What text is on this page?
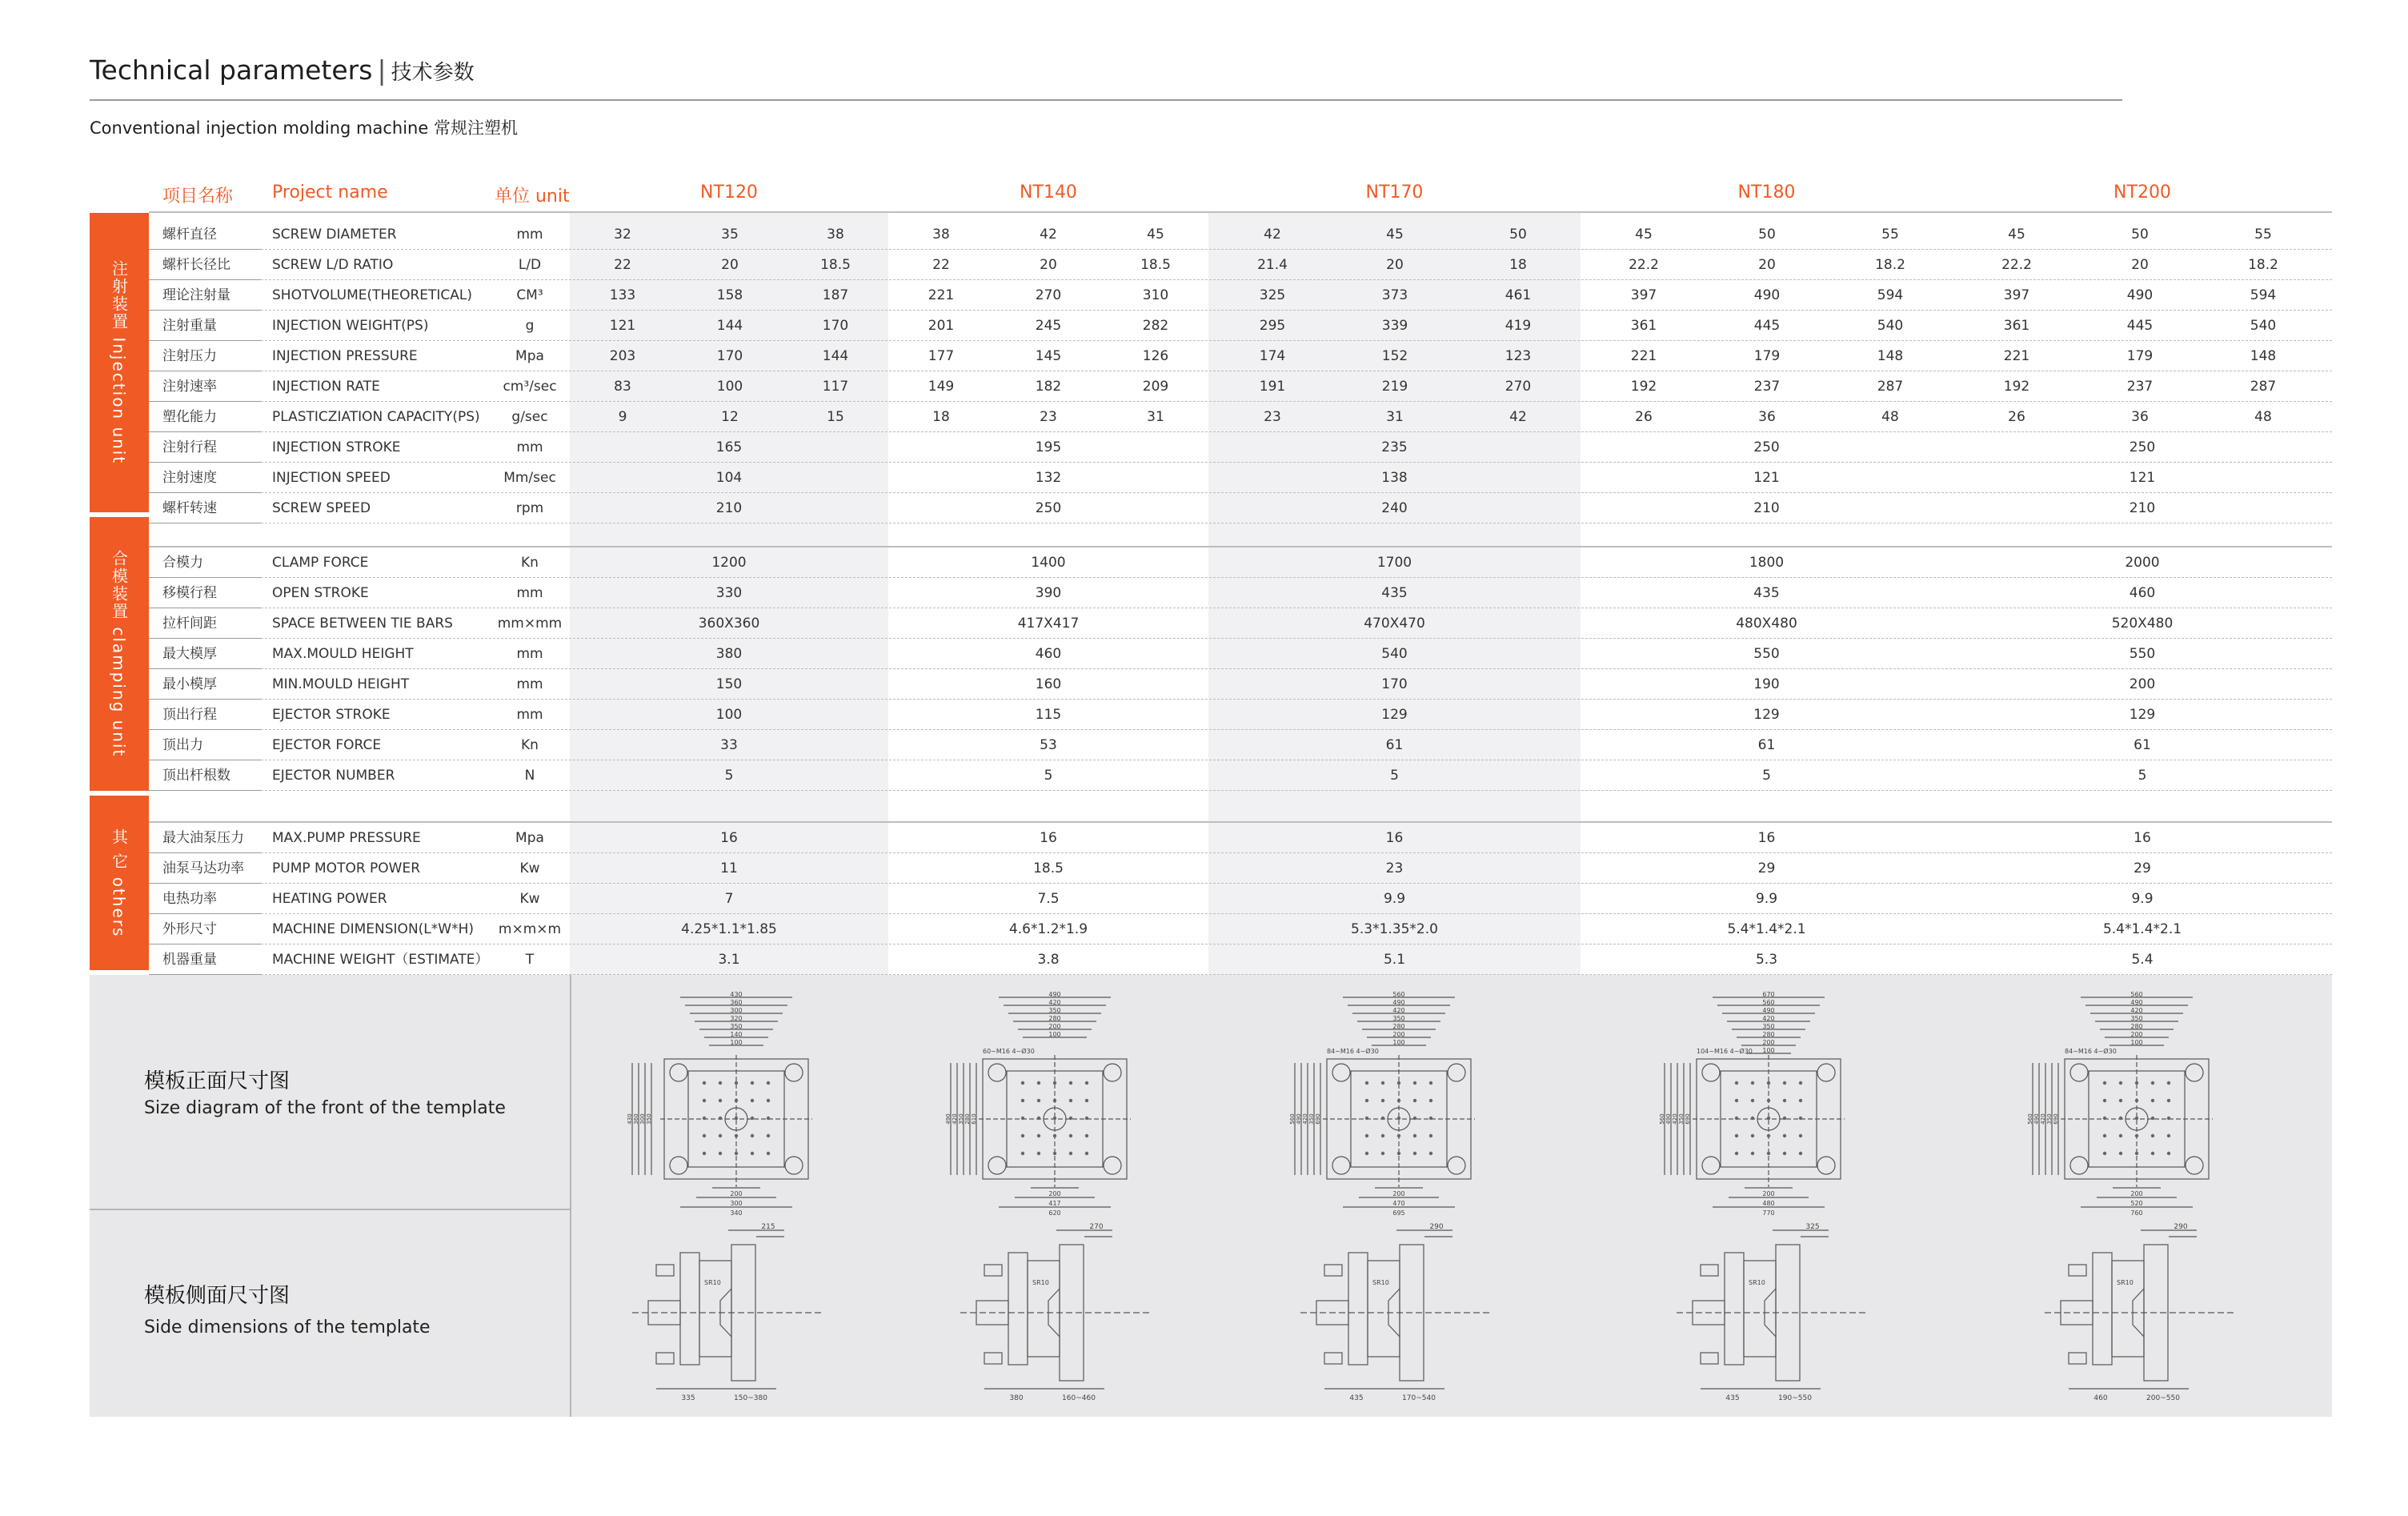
Technical parameters | 技术参数
Conventional injection molding machine 常规注塑机
项目名称 Project name	单位 unit	NT120	NT140	NT170	NT180	NT200
注射装置 Injection unit
合模装置 clamping unit
其 它 others
螺杆直径	SCREW DIAMETER	mm	32	35	38	38	42	45	42	45	50	45	50	55	45	50	55
螺杆长径比	SCREW L/D RATIO	L/D	22	20	18.5	22	20	18.5	21.4	20	18	22.2	20	18.2	22.2	20	18.2
理论注射量	SHOTVOLUME(THEORETICAL)	CM³	133	158	187	221	270	310	325	373	461	397	490	594	397	490	594
注射重量	INJECTION WEIGHT(PS)	g	121	144	170	201	245	282	295	339	419	361	445	540	361	445	540
注射压力	INJECTION PRESSURE	Mpa	203	170	144	177	145	126	174	152	123	221	179	148	221	179	148
注射速率	INJECTION RATE	cm³/sec	83	100	117	149	182	209	191	219	270	192	237	287	192	237	287
塑化能力	PLASTICZIATION CAPACITY(PS)	g/sec	9	12	15	18	23	31	23	31	42	26	36	48	26	36	48
注射行程	INJECTION STROKE	mm	165	195	235	250	250
注射速度	INJECTION SPEED	Mm/sec	104	132	138	121	121
螺杆转速	SCREW SPEED	rpm	210	250	240	210	210
合模力	CLAMP FORCE	Kn	1200	1400	1700	1800	2000
移模行程	OPEN STROKE	mm	330	390	435	435	460
拉杆间距	SPACE BETWEEN TIE BARS	mm×mm	360X360	417X417	470X470	480X480	520X480
最大模厚	MAX.MOULD HEIGHT	mm	380	460	540	550	550
最小模厚	MIN.MOULD HEIGHT	mm	150	160	170	190	200
顶出行程	EJECTOR STROKE	mm	100	115	129	129	129
顶出力	EJECTOR FORCE	Kn	33	53	61	61	61
顶出杆根数	EJECTOR NUMBER	N	5	5	5	5	5
最大油泵压力 MAX.PUMP PRESSURE	Mpa	16	16	16	16	16
油泵马达功率 PUMP MOTOR POWER	Kw	11	18.5	23	29	29
电热功率	HEATING POWER	Kw	7	7.5	9.9	9.9	9.9
外形尺寸	MACHINE DIMENSION(L*W*H)	m×m×m	4.25*1.1*1.85	4.6*1.2*1.9	5.3*1.35*2.0	5.4*1.4*2.1	5.4*1.4*2.1
机器重量	MACHINE WEIGHT（ESTIMATE）	T	3.1	3.8	5.1	5.3	5.4
模板正面尺寸图
Size diagram of the front of the template
模板侧面尺寸图
Side dimensions of the template
430
360
300
320
350
140
100
430 360 300 350
200
300
340
490
420
350
280
200
100
490 420 350 280 610
200
417
620
60~M16 4~Ø30
560
490
420
350
280
200
100
560 490 420 350 690
200
470
695
84~M16 4~Ø30
670
560
490
420
350
280
200
100
560 490 420 350 690
200
480
770
104~M16 4~Ø30
560
490
420
350
280
200
100
560 490 420 350 690
200
520
760
84~M16 4~Ø30
215
335	150~380
SR10
270
380	160~460
SR10
290
435	170~540
SR10
325
435	190~550
SR10
290
460	200~550
SR10
